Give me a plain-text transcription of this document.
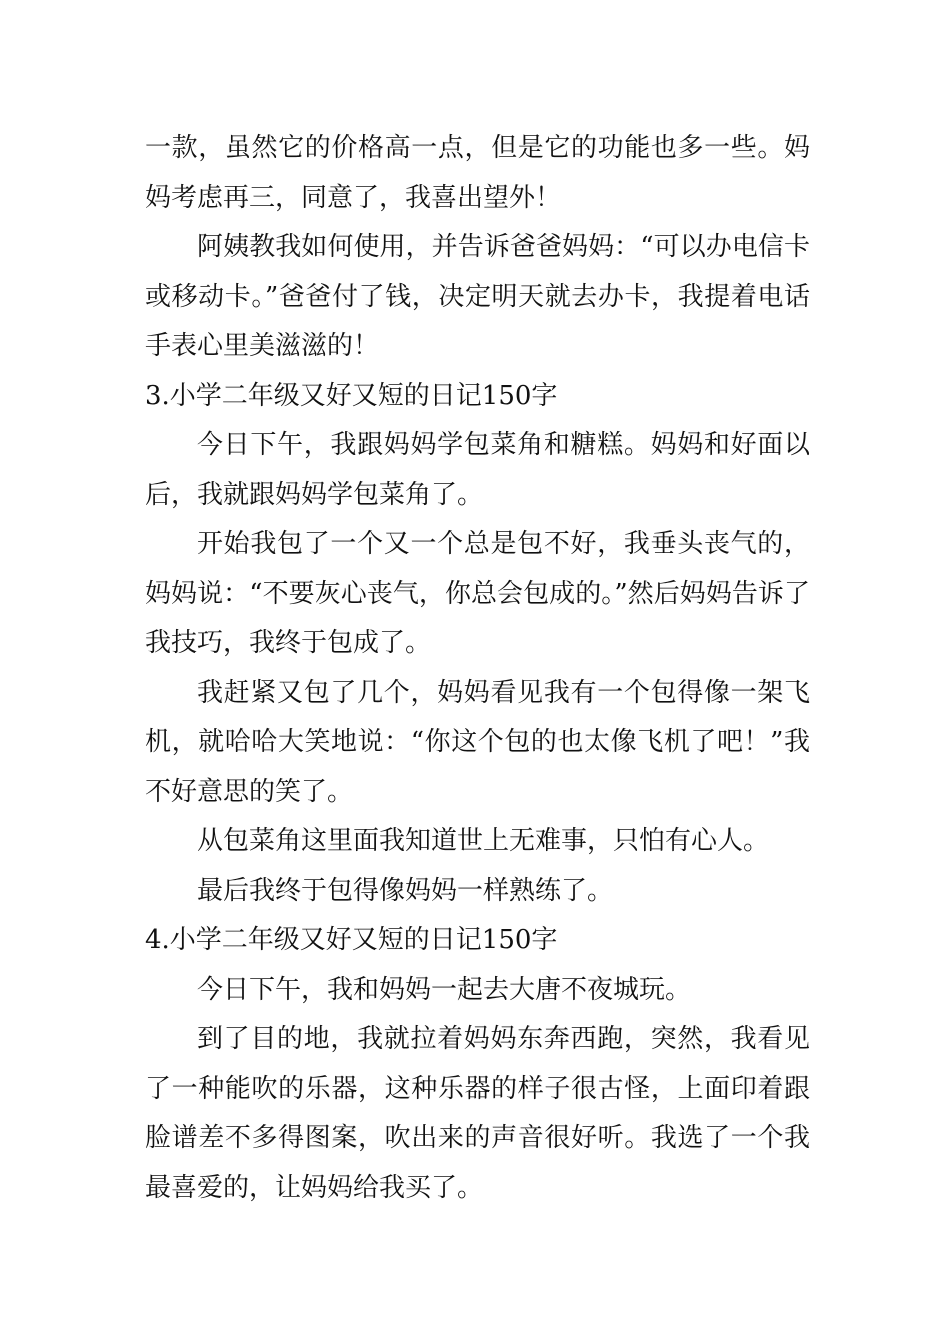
一款，虽然它的价格高一点，但是它的功能也多一些。妈妈考虑再三，同意了，我喜出望外！

阿姨教我如何使用，并告诉爸爸妈妈：“可以办电信卡或移动卡。”爸爸付了钱，决定明天就去办卡，我提着电话手表心里美滋滋的！

3.小学二年级又好又短的日记150字

今日下午，我跟妈妈学包菜角和糖糕。妈妈和好面以后，我就跟妈妈学包菜角了。

开始我包了一个又一个总是包不好，我垂头丧气的，妈妈说：“不要灰心丧气，你总会包成的。”然后妈妈告诉了我技巧，我终于包成了。

我赶紧又包了几个，妈妈看见我有一个包得像一架飞机，就哈哈大笑地说：“你这个包的也太像飞机了吧！”我不好意思的笑了。

从包菜角这里面我知道世上无难事，只怕有心人。

最后我终于包得像妈妈一样熟练了。

4.小学二年级又好又短的日记150字

今日下午，我和妈妈一起去大唐不夜城玩。

到了目的地，我就拉着妈妈东奔西跑，突然，我看见了一种能吹的乐器，这种乐器的样子很古怪，上面印着跟脸谱差不多得图案，吹出来的声音很好听。我选了一个我最喜爱的，让妈妈给我买了。
